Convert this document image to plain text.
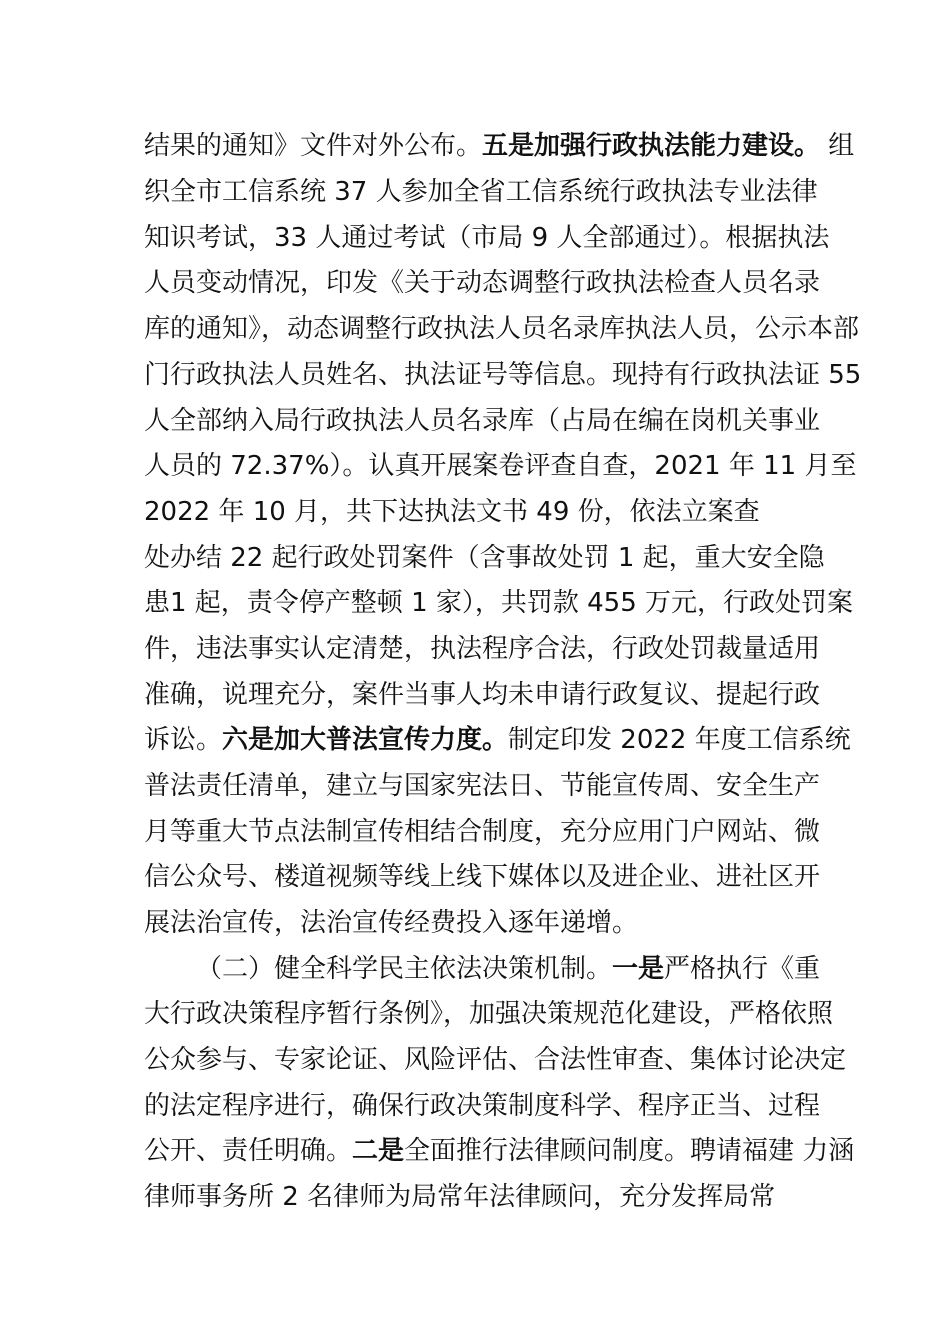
结果的通知》文件对外公布。五是加强行政执法能力建设。 组
织全市工信系统 37 人参加全省工信系统行政执法专业法律
知识考试，33 人通过考试（市局 9 人全部通过）。根据执法
人员变动情况，印发《关于动态调整行政执法检查人员名录
库的通知》，动态调整行政执法人员名录库执法人员，公示本部
门行政执法人员姓名、执法证号等信息。现持有行政执法证 55
人全部纳入局行政执法人员名录库（占局在编在岗机关事业
人员的 72.37%）。认真开展案卷评查自查，2021 年 11 月至
2022 年 10 月，共下达执法文书 49 份，依法立案查
处办结 22 起行政处罚案件（含事故处罚 1 起，重大安全隐
患1 起，责令停产整顿 1 家），共罚款 455 万元，行政处罚案
件，违法事实认定清楚，执法程序合法，行政处罚裁量适用
准确，说理充分，案件当事人均未申请行政复议、提起行政
诉讼。六是加大普法宣传力度。制定印发 2022 年度工信系统
普法责任清单，建立与国家宪法日、节能宣传周、安全生产
月等重大节点法制宣传相结合制度，充分应用门户网站、微
信公众号、楼道视频等线上线下媒体以及进企业、进社区开
展法治宣传，法治宣传经费投入逐年递增。
（二）健全科学民主依法决策机制。一是严格执行《重
大行政决策程序暂行条例》，加强决策规范化建设，严格依照
公众参与、专家论证、风险评估、合法性审查、集体讨论决定
的法定程序进行，确保行政决策制度科学、程序正当、过程
公开、责任明确。二是全面推行法律顾问制度。聘请福建 力涵
律师事务所 2 名律师为局常年法律顾问，充分发挥局常
